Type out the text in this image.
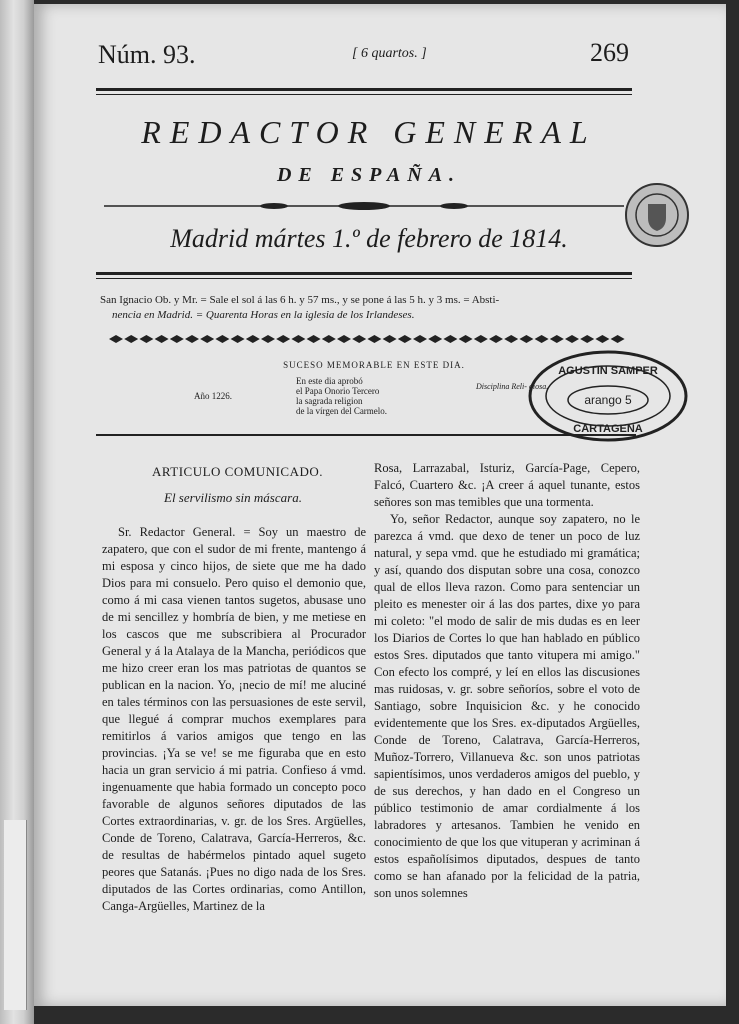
Núm. 93.	[ 6 quartos. ]	269
REDACTOR GENERAL
DE ESPAÑA.
Madrid mártes 1.º de febrero de 1814.
San Ignacio Ob. y Mr. = Sale el sol á las 6 h. y 57 ms., y se pone á las 5 h. y 3 ms. = Absti-
nencia en Madrid. = Quarenta Horas en la iglesia de los Irlandeses.
SUCESO MEMORABLE EN ESTE DIA.
Año 1226.
En este dia aprobó
el Papa Onorio Tercero
la sagrada religion
de la vírgen del Carmelo.
Disciplina Reli- giosa.
AGUSTIN SAMPER
arango 5
CARTAGENA
ARTICULO COMUNICADO.
El servilismo sin máscara.

Sr. Redactor General. = Soy un maestro de zapatero, que con el sudor de mi frente, mantengo á mi esposa y cinco hijos, de siete que me ha dado Dios para mi consuelo. Pero quiso el demonio que, como á mi casa vienen tantos sugetos, abusase uno de mi sencillez y hombría de bien, y me metiese en los cascos que me subscribiera al Procurador General y á la Atalaya de la Mancha, periódicos que me hizo creer eran los mas patriotas de quantos se publican en la nacion. Yo, ¡necio de mí! me aluciné en tales términos con las persuasiones de este servil, que llegué á comprar muchos exemplares para remitirlos á varios amigos que tengo en las provincias. ¡Ya se ve! se me figuraba que en esto hacia un gran servicio á mi patria. Confieso á vmd. ingenuamente que habia formado un concepto poco favorable de algunos señores diputados de las Cortes extraordinarias, v. gr. de los Sres. Argüelles, Conde de Toreno, Calatrava, García-Herreros, &c. de resultas de habérmelos pintado aquel sugeto peores que Satanás. ¡Pues no digo nada de los Sres. diputados de las Cortes ordinarias, como Antillon, Canga-Argüelles, Martinez de la

Rosa, Larrazabal, Isturiz, García-Page, Cepero, Falcó, Cuartero &c. ¡A creer á aquel tunante, estos señores son mas temibles que una tormenta.

Yo, señor Redactor, aunque soy zapatero, no le parezca á vmd. que dexo de tener un poco de luz natural, y sepa vmd. que he estudiado mi gramática; y así, quando dos disputan sobre una cosa, conozco qual de ellos lleva razon. Como para sentenciar un pleito es menester oir á las dos partes, dixe yo para mi coleto: "el modo de salir de mis dudas es en leer los Diarios de Cortes lo que han hablado en público estos Sres. diputados que tanto vitupera mi amigo." Con efecto los compré, y leí en ellos las discusiones mas ruidosas, v. gr. sobre señoríos, sobre el voto de Santiago, sobre Inquisicion &c. y he conocido evidentemente que los Sres. ex-diputados Argüelles, Conde de Toreno, Calatrava, García-Herreros, Muñoz-Torrero, Villanueva &c. son unos patriotas sapientísimos, unos verdaderos amigos del pueblo, y de sus derechos, y han dado en el Congreso un público testimonio de amar cordialmente á los labradores y artesanos. Tambien he venido en conocimiento de que los que vituperan y acriminan á estos españolísimos diputados, despues de tanto como se han afanado por la felicidad de la patria, son unos solemnes
